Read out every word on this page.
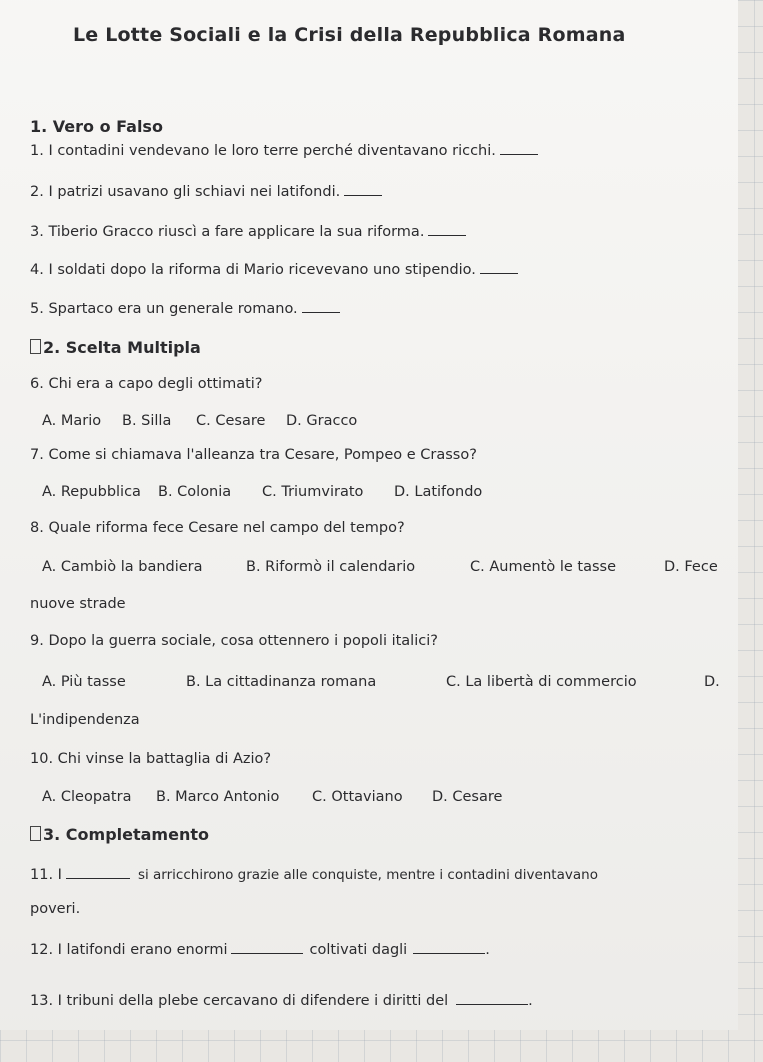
Le Lotte Sociali e la Crisi della Repubblica Romana
1. Vero o Falso
1. I contadini vendevano le loro terre perché diventavano ricchi.
2. I patrizi usavano gli schiavi nei latifondi.
3. Tiberio Gracco riuscì a fare applicare la sua riforma.
4. I soldati dopo la riforma di Mario ricevevano uno stipendio.
5. Spartaco era un generale romano.
2. Scelta Multipla
6. Chi era a capo degli ottimati?
A. Mario B. Silla C. Cesare D. Gracco
7. Come si chiamava l'alleanza tra Cesare, Pompeo e Crasso?
A. Repubblica B. Colonia C. Triumvirato D. Latifondo
8. Quale riforma fece Cesare nel campo del tempo?
A. Cambiò la bandiera	B. Riformò il calendario	C. Aumentò le tasse	D. Fece
nuove strade
9. Dopo la guerra sociale, cosa ottennero i popoli italici?
A. Più tasse	B. La cittadinanza romana	C. La libertà di commercio	D.
L'indipendenza
10. Chi vinse la battaglia di Azio?
A. Cleopatra B. Marco Antonio C. Ottaviano D. Cesare
3. Completamento
11. I	si arricchirono grazie alle conquiste, mentre i contadini diventavano
poveri.
12. I latifondi erano enormi	coltivati dagli	.
13. I tribuni della plebe cercavano di difendere i diritti del	.
